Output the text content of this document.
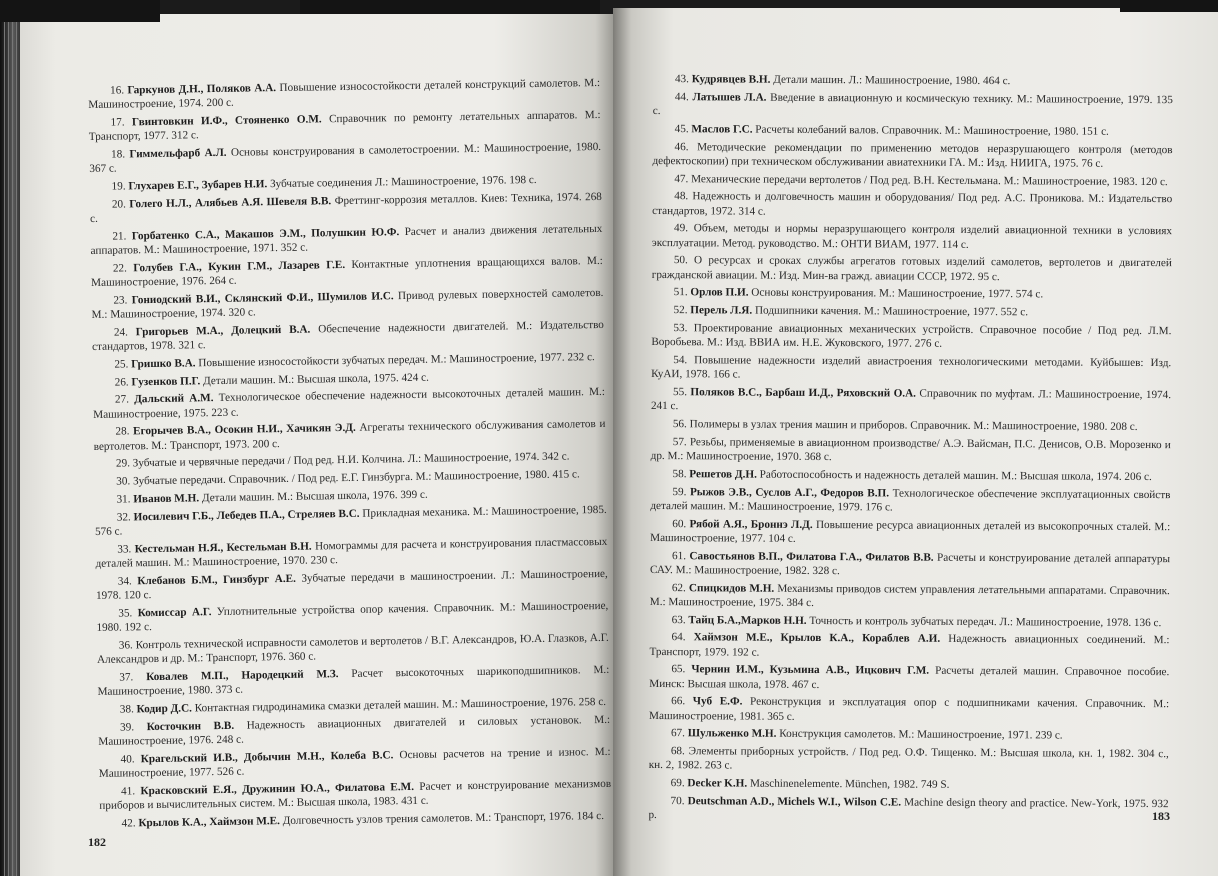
16. Гаркунов Д.Н., Поляков А.А. Повышение износостойкости деталей конструкций самолетов. М.: Машиностроение, 1974. 200 с.

17. Гвинтовкин И.Ф., Стояненко О.М. Справочник по ремонту летательных аппаратов. М.: Транспорт, 1977. 312 с.

18. Гиммельфарб А.Л. Основы конструирования в самолетостроении. М.: Машиностроение, 1980. 367 с.

19. Глухарев Е.Г., Зубарев Н.И. Зубчатые соединения Л.: Машиностроение, 1976. 198 с.

20. Голего Н.Л., Алябьев А.Я. Шевеля В.В. Фреттинг-коррозия металлов. Киев: Техника, 1974. 268 с.

21. Горбатенко С.А., Макашов Э.М., Полушкин Ю.Ф. Расчет и анализ движения летательных аппаратов. М.: Машиностроение, 1971. 352 с.

22. Голубев Г.А., Кукин Г.М., Лазарев Г.Е. Контактные уплотнения вращающихся валов. М.: Машиностроение, 1976. 264 с.

23. Гониодский В.И., Склянский Ф.И., Шумилов И.С. Привод рулевых поверхностей самолетов. М.: Машиностроение, 1974. 320 с.

24. Григорьев М.А., Долецкий В.А. Обеспечение надежности двигателей. М.: Издательство стандартов, 1978. 321 с.

25. Гришко В.А. Повышение износостойкости зубчатых передач. М.: Машиностроение, 1977. 232 с.

26. Гузенков П.Г. Детали машин. М.: Высшая школа, 1975. 424 с.

27. Дальский А.М. Технологическое обеспечение надежности высокоточных деталей машин. М.: Машиностроение, 1975. 223 с.

28. Егорычев В.А., Осокин Н.И., Хачикян Э.Д. Агрегаты технического обслуживания самолетов и вертолетов. М.: Транспорт, 1973. 200 с.

29. Зубчатые и червячные передачи / Под ред. Н.И. Колчина. Л.: Машиностроение, 1974. 342 с.

30. Зубчатые передачи. Справочник. / Под ред. Е.Г. Гинзбурга. М.: Машиностроение, 1980. 415 с.

31. Иванов М.Н. Детали машин. М.: Высшая школа, 1976. 399 с.

32. Иосилевич Г.Б., Лебедев П.А., Стреляев В.С. Прикладная механика. М.: Машиностроение, 1985. 576 с.

33. Кестельман Н.Я., Кестельман В.Н. Номограммы для расчета и конструирования пластмассовых деталей машин. М.: Машиностроение, 1970. 230 с.

34. Клебанов Б.М., Гинзбург А.Е. Зубчатые передачи в машиностроении. Л.: Машиностроение, 1978. 120 с.

35. Комиссар А.Г. Уплотнительные устройства опор качения. Справочник. М.: Машиностроение, 1980. 192 с.

36. Контроль технической исправности самолетов и вертолетов / В.Г. Александров, Ю.А. Глазков, А.Г. Александров и др. М.: Транспорт, 1976. 360 с.

37. Ковалев М.П., Народецкий М.З. Расчет высокоточных шарикоподшипников. М.: Машиностроение, 1980. 373 с.

38. Кодир Д.С. Контактная гидродинамика смазки деталей машин. М.: Машиностроение, 1976. 258 с.

39. Косточкин В.В. Надежность авиационных двигателей и силовых установок. М.: Машиностроение, 1976. 248 с.

40. Крагельский И.В., Добычин М.Н., Колеба В.С. Основы расчетов на трение и износ. М.: Машиностроение, 1977. 526 с.

41. Красковский Е.Я., Дружинин Ю.А., Филатова Е.М. Расчет и конструирование механизмов приборов и вычислительных систем. М.: Высшая школа, 1983. 431 с.

42. Крылов К.А., Хаймзон М.Е. Долговечность узлов трения самолетов. М.: Транспорт, 1976. 184 с.

182

43. Кудрявцев В.Н. Детали машин. Л.: Машиностроение, 1980. 464 с.

44. Латышев Л.А. Введение в авиационную и космическую технику. М.: Машиностроение, 1979. 135 с.

45. Маслов Г.С. Расчеты колебаний валов. Справочник. М.: Машиностроение, 1980. 151 с.

46. Методические рекомендации по применению методов неразрушающего контроля (методов дефектоскопии) при техническом обслуживании авиатехники ГА. М.: Изд. НИИГА, 1975. 76 с.

47. Механические передачи вертолетов / Под ред. В.Н. Кестельмана. М.: Машиностроение, 1983. 120 с.

48. Надежность и долговечность машин и оборудования/ Под ред. А.С. Проникова. М.: Издательство стандартов, 1972. 314 с.

49. Объем, методы и нормы неразрушающего контроля изделий авиационной техники в условиях эксплуатации. Метод. руководство. М.: ОНТИ ВИАМ, 1977. 114 с.

50. О ресурсах и сроках службы агрегатов готовых изделий самолетов, вертолетов и двигателей гражданской авиации. М.: Изд. Мин-ва гражд. авиации СССР, 1972. 95 с.

51. Орлов П.И. Основы конструирования. М.: Машиностроение, 1977. 574 с.

52. Перель Л.Я. Подшипники качения. М.: Машиностроение, 1977. 552 с.

53. Проектирование авиационных механических устройств. Справочное пособие / Под ред. Л.М. Воробьева. М.: Изд. ВВИА им. Н.Е. Жуковского, 1977. 276 с.

54. Повышение надежности изделий авиастроения технологическими методами. Куйбышев: Изд. КуАИ, 1978. 166 с.

55. Поляков В.С., Барбаш И.Д., Ряховский О.А. Справочник по муфтам. Л.: Машиностроение, 1974. 241 с.

56. Полимеры в узлах трения машин и приборов. Справочник. М.: Машиностроение, 1980. 208 с.

57. Резьбы, применяемые в авиационном производстве/ А.Э. Вайсман, П.С. Денисов, О.В. Морозенко и др. М.: Машиностроение, 1970. 368 с.

58. Решетов Д.Н. Работоспособность и надежность деталей машин. М.: Высшая школа, 1974. 206 с.

59. Рыжов Э.В., Суслов А.Г., Федоров В.П. Технологическое обеспечение эксплуатационных свойств деталей машин. М.: Машиностроение, 1979. 176 с.

60. Рябой А.Я., Броннэ Л.Д. Повышение ресурса авиационных деталей из высокопрочных сталей. М.: Машиностроение, 1977. 104 с.

61. Савостьянов В.П., Филатова Г.А., Филатов В.В. Расчеты и конструирование деталей аппаратуры САУ. М.: Машиностроение, 1982. 328 с.

62. Спицкидов М.Н. Механизмы приводов систем управления летательными аппаратами. Справочник. М.: Машиностроение, 1975. 384 с.

63. Тайц Б.А.,Марков Н.Н. Точность и контроль зубчатых передач. Л.: Машиностроение, 1978. 136 с.

64. Хаймзон М.Е., Крылов К.А., Кораблев А.И. Надежность авиационных соединений. М.: Транспорт, 1979. 192 с.

65. Чернин И.М., Кузьмина А.В., Ицкович Г.М. Расчеты деталей машин. Справочное пособие. Минск: Высшая школа, 1978. 467 с.

66. Чуб Е.Ф. Реконструкция и эксплуатация опор с подшипниками качения. Справочник. М.: Машиностроение, 1981. 365 с.

67. Шульженко М.Н. Конструкция самолетов. М.: Машиностроение, 1971. 239 с.

68. Элементы приборных устройств. / Под ред. О.Ф. Тищенко. М.: Высшая школа, кн. 1, 1982. 304 с., кн. 2, 1982. 263 с.

69. Decker K.H. Maschinenelemente. München, 1982. 749 S.

70. Deutschman A.D., Michels W.I., Wilson C.E. Machine design theory and practice. New-York, 1975. 932 p.	183
